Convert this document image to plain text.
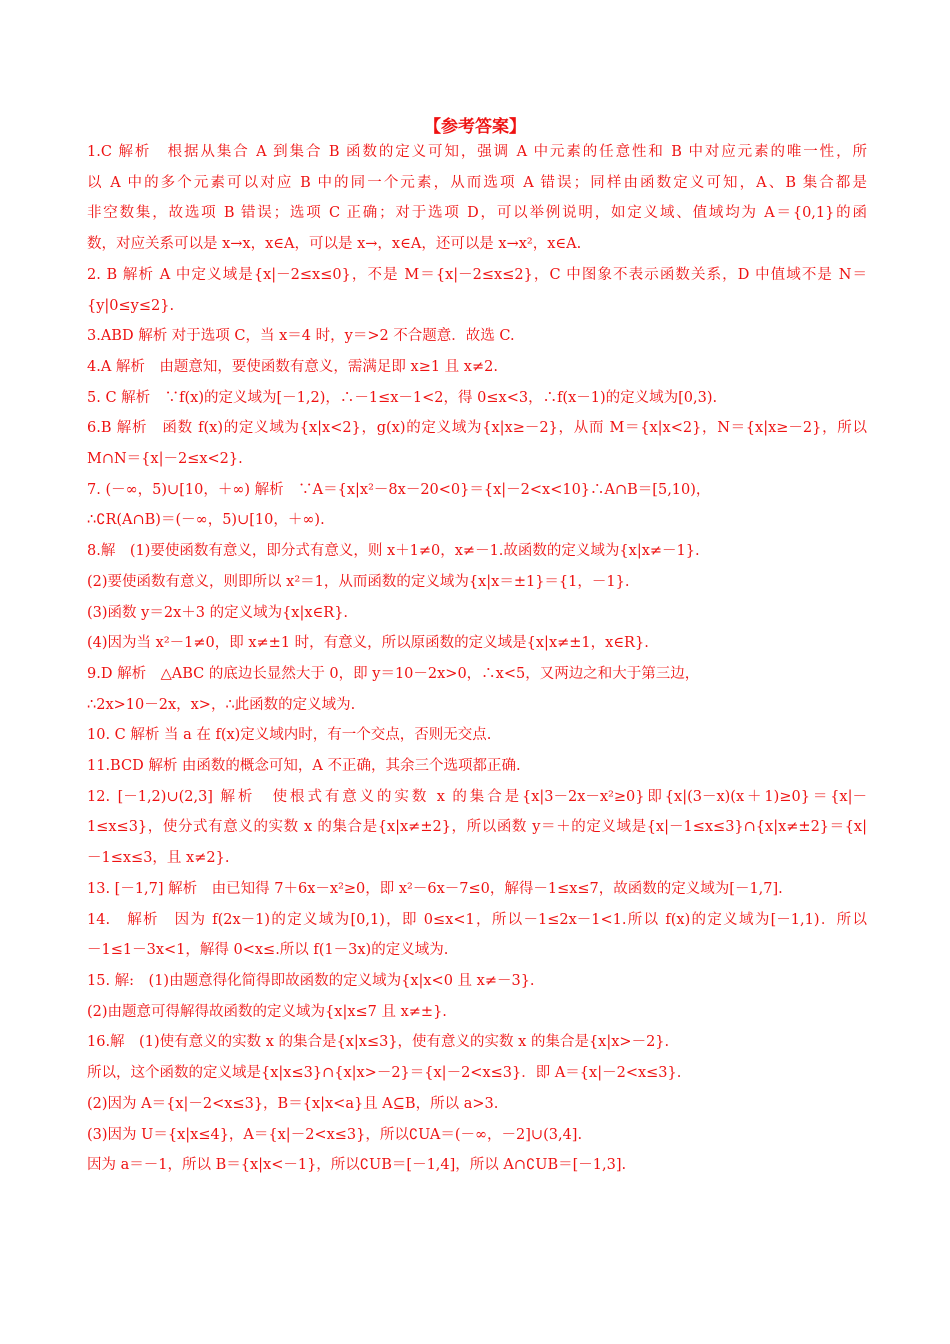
【参考答案】

1.C 解析　根据从集合 A 到集合 B 函数的定义可知，强调 A 中元素的任意性和 B 中对应元素的唯一性，所

以 A 中的多个元素可以对应 B 中的同一个元素，从而选项 A 错误；同样由函数定义可知，A、B 集合都是

非空数集，故选项 B 错误；选项 C 正确；对于选项 D，可以举例说明，如定义域、值域均为 A＝{0,1}的函

数，对应关系可以是 x→x，x∈A，可以是 x→，x∈A，还可以是 x→x²，x∈A.

2. B 解析 A 中定义域是{x|－2≤x≤0}，不是 M＝{x|－2≤x≤2}，C 中图象不表示函数关系，D 中值域不是 N＝

{y|0≤y≤2}.

3.ABD 解析 对于选项 C，当 x＝4 时，y＝>2 不合题意．故选 C.

4.A 解析　由题意知，要使函数有意义，需满足即 x≥1 且 x≠2.

5. C 解析　∵f(x)的定义域为[－1,2)，∴－1≤x－1<2，得 0≤x<3，∴f(x－1)的定义域为[0,3).

6.B 解析　函数 f(x)的定义域为{x|x<2}，g(x)的定义域为{x|x≥－2}，从而 M＝{x|x<2}，N＝{x|x≥－2}，所以

M∩N＝{x|－2≤x<2}.

7. (－∞，5)∪[10，＋∞) 解析　∵A＝{x|x²－8x－20<0}＝{x|－2<x<10}∴A∩B＝[5,10)，

∴∁R(A∩B)＝(－∞，5)∪[10，＋∞).

8.解　(1)要使函数有意义，即分式有意义，则 x＋1≠0，x≠－1.故函数的定义域为{x|x≠－1}.

(2)要使函数有意义，则即所以 x²＝1，从而函数的定义域为{x|x＝±1}＝{1，－1}.

(3)函数 y＝2x＋3 的定义域为{x|x∈R}.

(4)因为当 x²－1≠0，即 x≠±1 时，有意义，所以原函数的定义域是{x|x≠±1，x∈R}.

9.D 解析　△ABC 的底边长显然大于 0，即 y＝10－2x>0，∴x<5，又两边之和大于第三边，

∴2x>10－2x，x>，∴此函数的定义域为.

10. C 解析 当 a 在 f(x)定义域内时，有一个交点，否则无交点.

11.BCD 解析 由函数的概念可知，A 不正确，其余三个选项都正确.

12. [－1,2)∪(2,3] 解析　使根式有意义的实数 x 的集合是{x|3－2x－x²≥0}即{x|(3－x)(x＋1)≥0}＝{x|－

1≤x≤3}，使分式有意义的实数 x 的集合是{x|x≠±2}，所以函数 y＝＋的定义域是{x|－1≤x≤3}∩{x|x≠±2}＝{x|

－1≤x≤3，且 x≠2}.

13. [－1,7] 解析　由已知得 7＋6x－x²≥0，即 x²－6x－7≤0，解得－1≤x≤7，故函数的定义域为[－1,7].

14.　解析　因为 f(2x－1)的定义域为[0,1)，即 0≤x<1，所以－1≤2x－1<1.所以 f(x)的定义域为[－1,1)．所以

－1≤1－3x<1，解得 0<x≤.所以 f(1－3x)的定义域为.

15. 解:　(1)由题意得化简得即故函数的定义域为{x|x<0 且 x≠－3}.

(2)由题意可得解得故函数的定义域为{x|x≤7 且 x≠±}.

16.解　(1)使有意义的实数 x 的集合是{x|x≤3}，使有意义的实数 x 的集合是{x|x>－2}.

所以，这个函数的定义域是{x|x≤3}∩{x|x>－2}＝{x|－2<x≤3}．即 A＝{x|－2<x≤3}.

(2)因为 A＝{x|－2<x≤3}，B＝{x|x<a}且 A⊆B，所以 a>3.

(3)因为 U＝{x|x≤4}，A＝{x|－2<x≤3}，所以∁UA＝(－∞，－2]∪(3,4].

因为 a＝－1，所以 B＝{x|x<－1}，所以∁UB＝[－1,4]，所以 A∩∁UB＝[－1,3].
